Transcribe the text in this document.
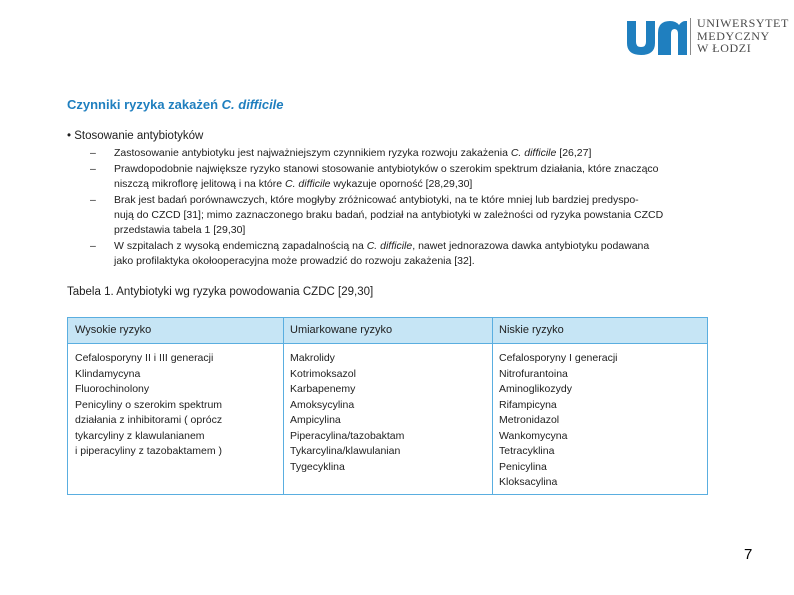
UNIWERSYTET
MEDYCZNY
W ŁODZI
Czynniki ryzyka zakażeń C. difficile
• Stosowanie antybiotyków
– Zastosowanie antybiotyku jest najważniejszym czynnikiem ryzyka rozwoju zakażenia C. difficile [26,27]
– Prawdopodobnie największe ryzyko stanowi stosowanie antybiotyków o szerokim spektrum działania, które znacząco
niszczą mikroflorę jelitową i na które C. difficile wykazuje oporność [28,29,30]
– Brak jest badań porównawczych, które mogłyby zróżnicować antybiotyki, na te które mniej lub bardziej predyspo-
nują do CZCD [31]; mimo zaznaczonego braku badań, podział na antybiotyki w zależności od ryzyka powstania CZCD
przedstawia tabela 1 [29,30]
– W szpitalach z wysoką endemiczną zapadalnością na C. difficile, nawet jednorazowa dawka antybiotyku podawana
jako profilaktyka okołooperacyjna może prowadzić do rozwoju zakażenia [32].
Tabela 1. Antybiotyki wg ryzyka powodowania CZDC [29,30]
Wysokie ryzyko	Umiarkowane ryzyko	Niskie ryzyko
Cefalosporyny II i III generacji
Klindamycyna
Fluorochinolony
Penicyliny o szerokim spektrum
działania z inhibitorami ( oprócz
tykarcyliny z klawulanianem
i piperacyliny z tazobaktamem )
Makrolidy
Kotrimoksazol
Karbapenemy
Amoksycylina
Ampicylina
Piperacylina/tazobaktam
Tykarcylina/klawulanian
Tygecyklina
Cefalosporyny I generacji
Nitrofurantoina
Aminoglikozydy
Rifampicyna
Metronidazol
Wankomycyna
Tetracyklina
Penicylina
Kloksacylina
7
